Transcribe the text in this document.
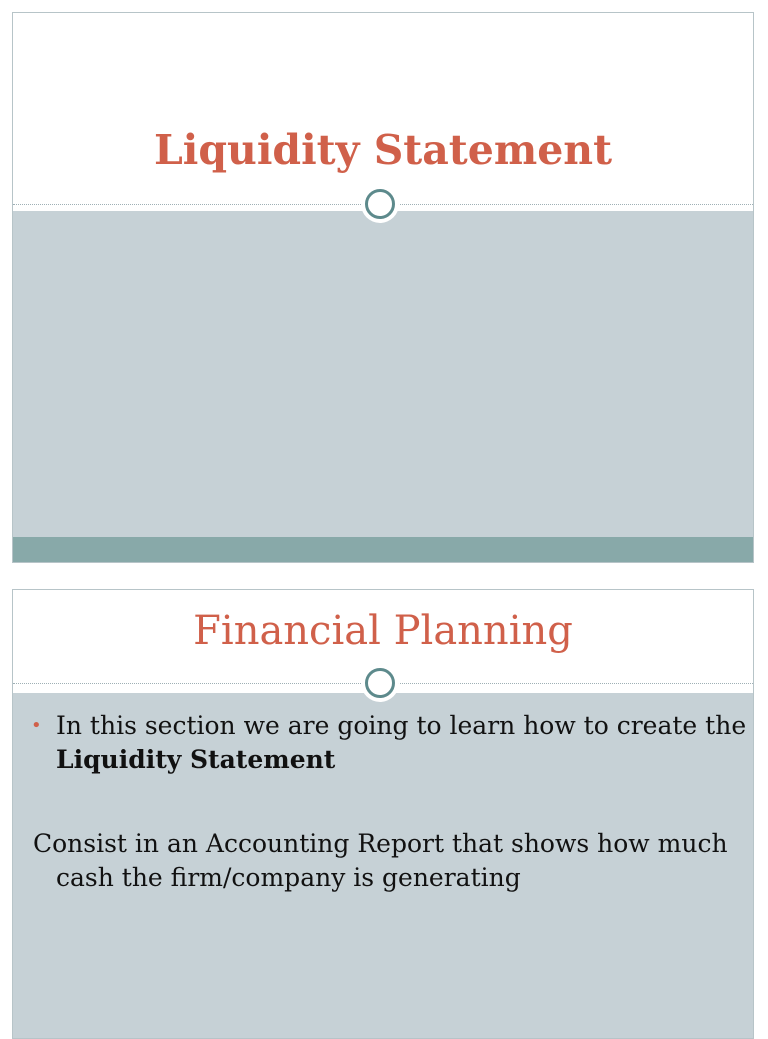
Liquidity Statement
Financial Planning
• In this section we are going to learn how to create the
Liquidity Statement
Consist in an Accounting Report that shows how much
cash the firm/company is generating
